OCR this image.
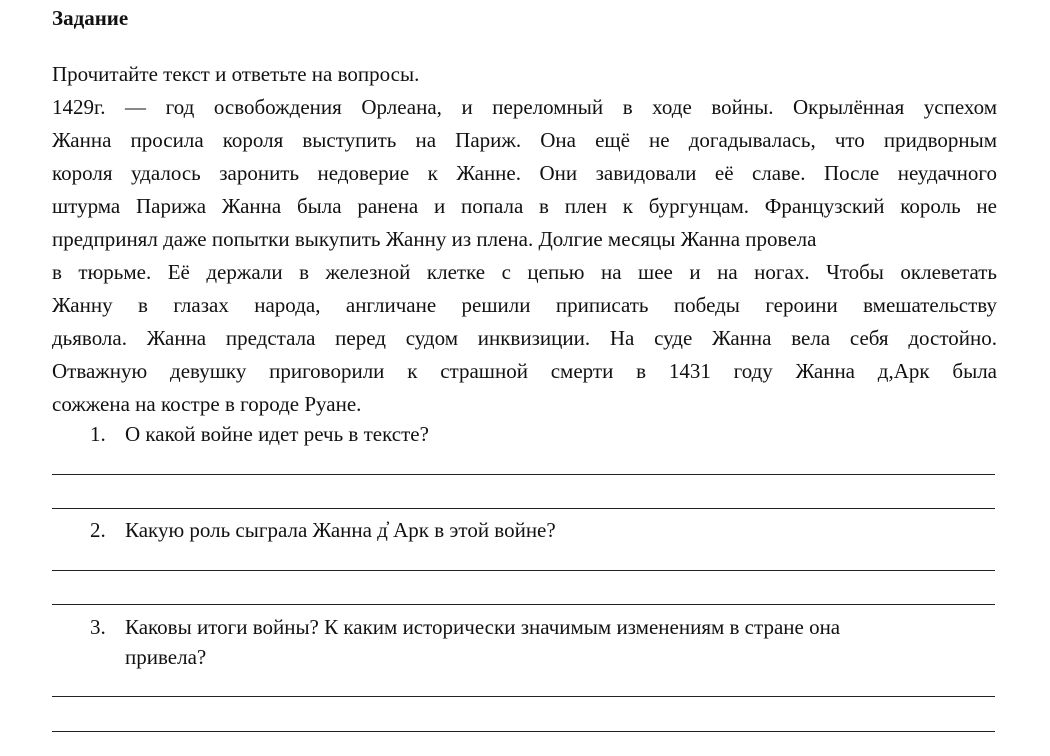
Задание
Прочитайте текст и ответьте на вопросы.
1429г. — год освобождения Орлеана, и переломный в ходе войны. Окрылённая успехом
Жанна просила короля выступить на Париж. Она ещё не догадывалась, что придворным
короля удалось заронить недоверие к Жанне. Они завидовали её славе. После неудачного
штурма Парижа Жанна была ранена и попала в плен к бургунцам. Французский король не
предпринял даже попытки выкупить Жанну из плена. Долгие месяцы Жанна провела
в тюрьме. Её держали в железной клетке с цепью на шее и на ногах. Чтобы оклеветать
Жанну в глазах народа, англичане решили приписать победы героини вмешательству
дьявола. Жанна предстала перед судом инквизиции. На суде Жанна вела себя достойно.
Отважную девушку приговорили к страшной смерти в 1431 году Жанна д,Арк была
сожжена на костре в городе Руане.
1. О какой войне идет речь в тексте?
2. Какую роль сыграла Жанна д̓ Арк в этой войне?
3. Каковы итоги войны? К каким исторически значимым изменениям в стране она
привела?
